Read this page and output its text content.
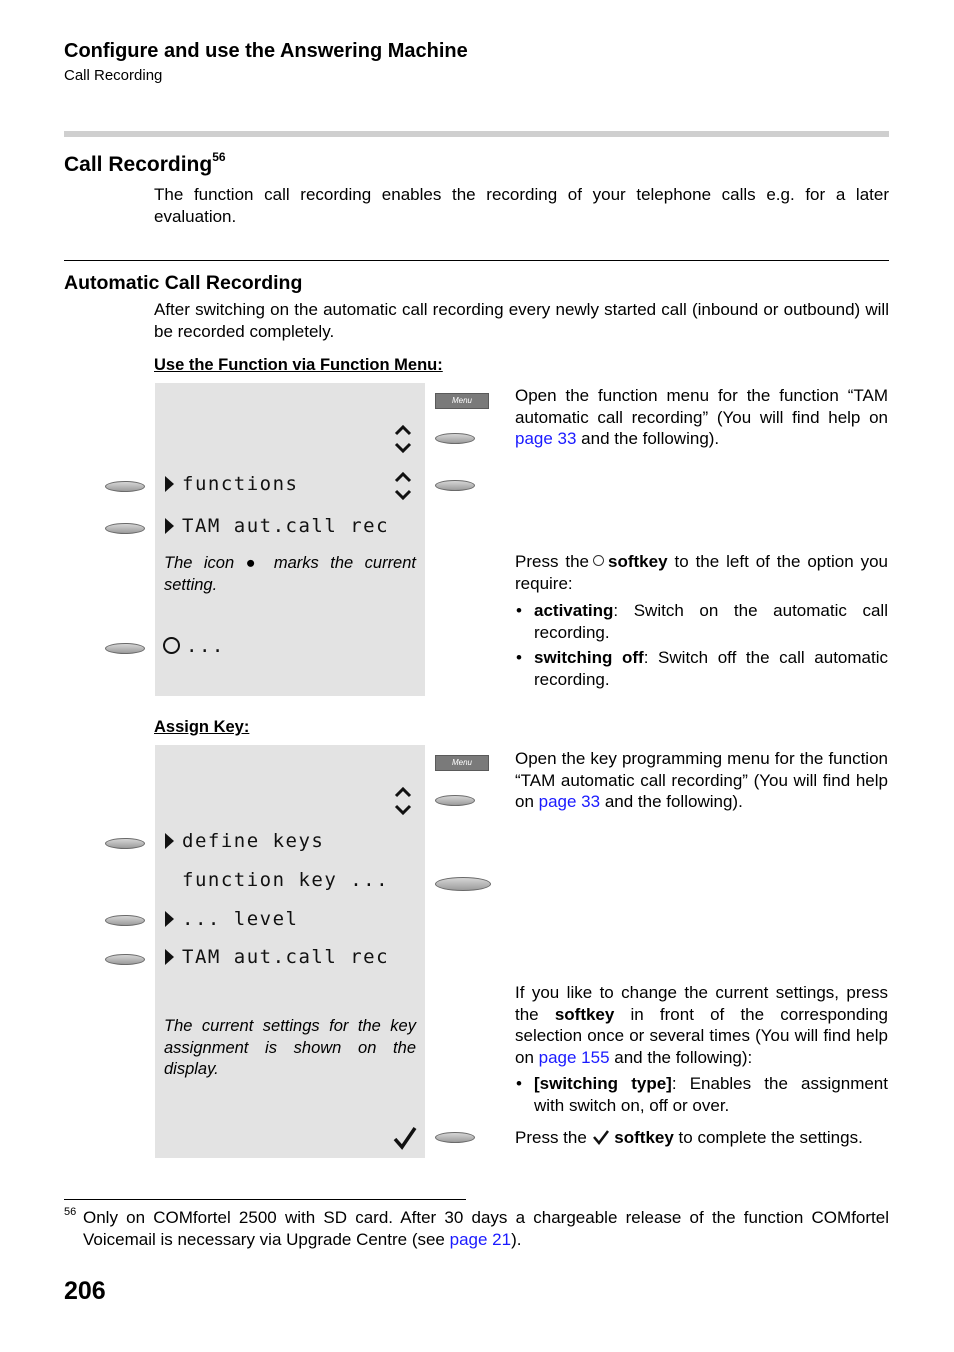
Configure and use the Answering Machine
Call Recording
Call Recording$^{56}$
The function call recording enables the recording of your telephone calls e.g. for a later evaluation.
Automatic Call Recording
After switching on the automatic call recording every newly started call (inbound or outbound) will be recorded completely.
Use the Function via Function Menu:
functions
TAM aut.call rec
The icon ● marks the current setting.
...
Menu	Open the function menu for the function “TAM automatic call recording” (You will find help on page 33 and the following).
Press the softkey to the left of the option you require:
• activating: Switch on the automatic call recording.
• switching off: Switch off the call automatic recording.
Assign Key:
define keys
function key ...
... level
TAM aut.call rec
The current settings for the key assignment is shown on the display.
Menu	Open the key programming menu for the function “TAM automatic call recording” (You will find help on page 33 and the following).
If you like to change the current settings, press the softkey in front of the corresponding selection once or several times (You will find help on page 155 and the following):
• [switching type]: Enables the assignment with switch on, off or over.
Press the softkey to complete the settings.
56 Only on COMfortel 2500 with SD card. After 30 days a chargeable release of the function COMfortel Voicemail is necessary via Upgrade Centre (see page 21).
206
